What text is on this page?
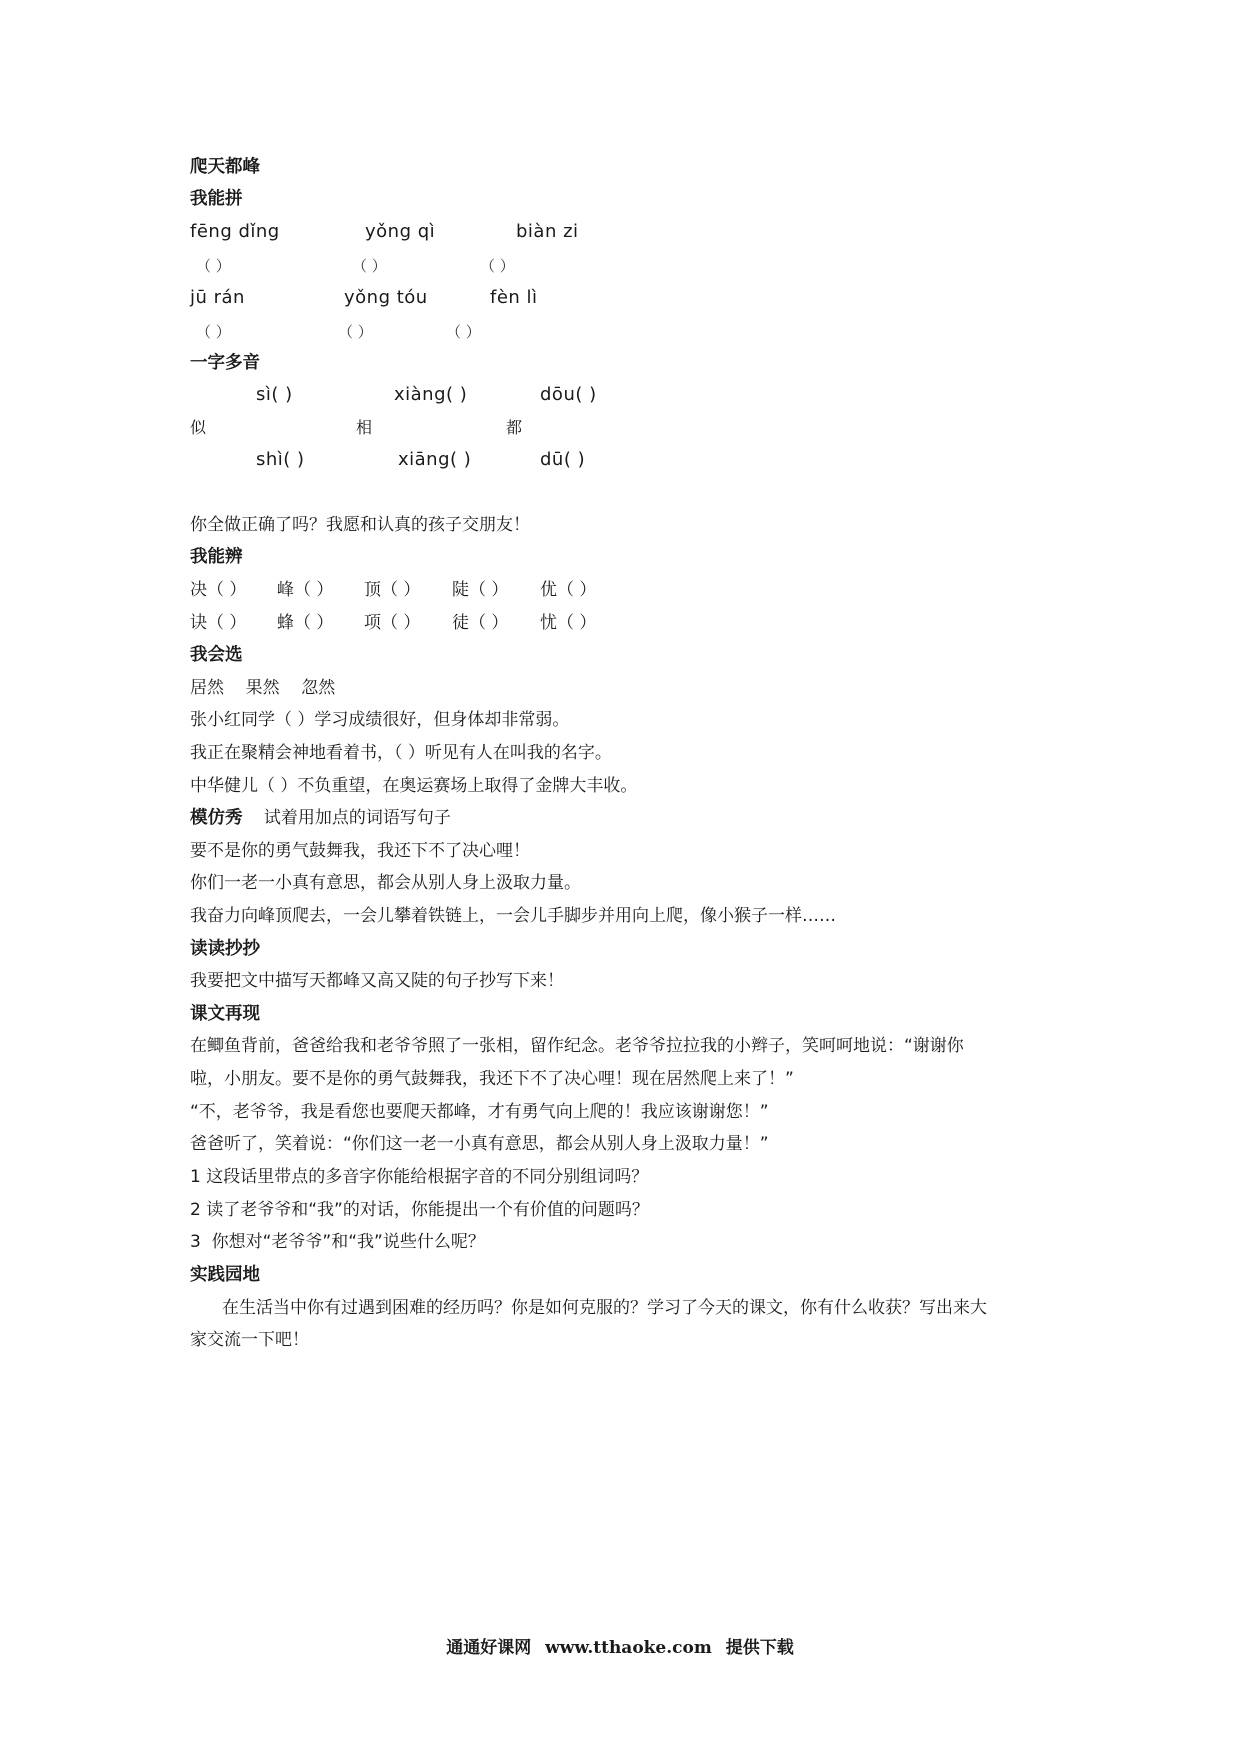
爬天都峰
我能拼
fēng dǐng	yǒng qì	biàn zi
（ ）	（ ）	（ ）
jū rán	yǒng tóu	fèn lì
（ ）	（ ）	（ ）
一字多音
sì( )	xiàng( )	dōu( )
似	相	都
shì( )	xiāng( )	dū( )
你全做正确了吗？我愿和认真的孩子交朋友！
我能辨
决（ ） 峰（ ） 顶（ ） 陡（ ） 优（ ）
诀（ ） 蜂（ ） 项（ ） 徒（ ） 忧（ ）
我会选
居然    果然    忽然
张小红同学（ ）学习成绩很好，但身体却非常弱。
我正在聚精会神地看着书，（ ）听见有人在叫我的名字。
中华健儿（ ）不负重望，在奥运赛场上取得了金牌大丰收。
模仿秀 试着用加点的词语写句子
要不是你的勇气鼓舞我，我还下不了决心哩！
你们一老一小真有意思，都会从别人身上汲取力量。
我奋力向峰顶爬去，一会儿攀着铁链上，一会儿手脚步并用向上爬，像小猴子一样……
读读抄抄
我要把文中描写天都峰又高又陡的句子抄写下来！
课文再现
在鲫鱼背前，爸爸给我和老爷爷照了一张相，留作纪念。老爷爷拉拉我的小辫子，笑呵呵地说：“谢谢你
啦，小朋友。要不是你的勇气鼓舞我，我还下不了决心哩！现在居然爬上来了！”
“不，老爷爷，我是看您也要爬天都峰，才有勇气向上爬的！我应该谢谢您！”
爸爸听了，笑着说：“你们这一老一小真有意思，都会从别人身上汲取力量！”
1 这段话里带点的多音字你能给根据字音的不同分别组词吗？
2 读了老爷爷和“我”的对话，你能提出一个有价值的问题吗？
3  你想对“老爷爷”和“我”说些什么呢？
实践园地
在生活当中你有过遇到困难的经历吗？你是如何克服的？学习了今天的课文，你有什么收获？写出来大
家交流一下吧！
通通好课网 www.tthaoke.com 提供下载
